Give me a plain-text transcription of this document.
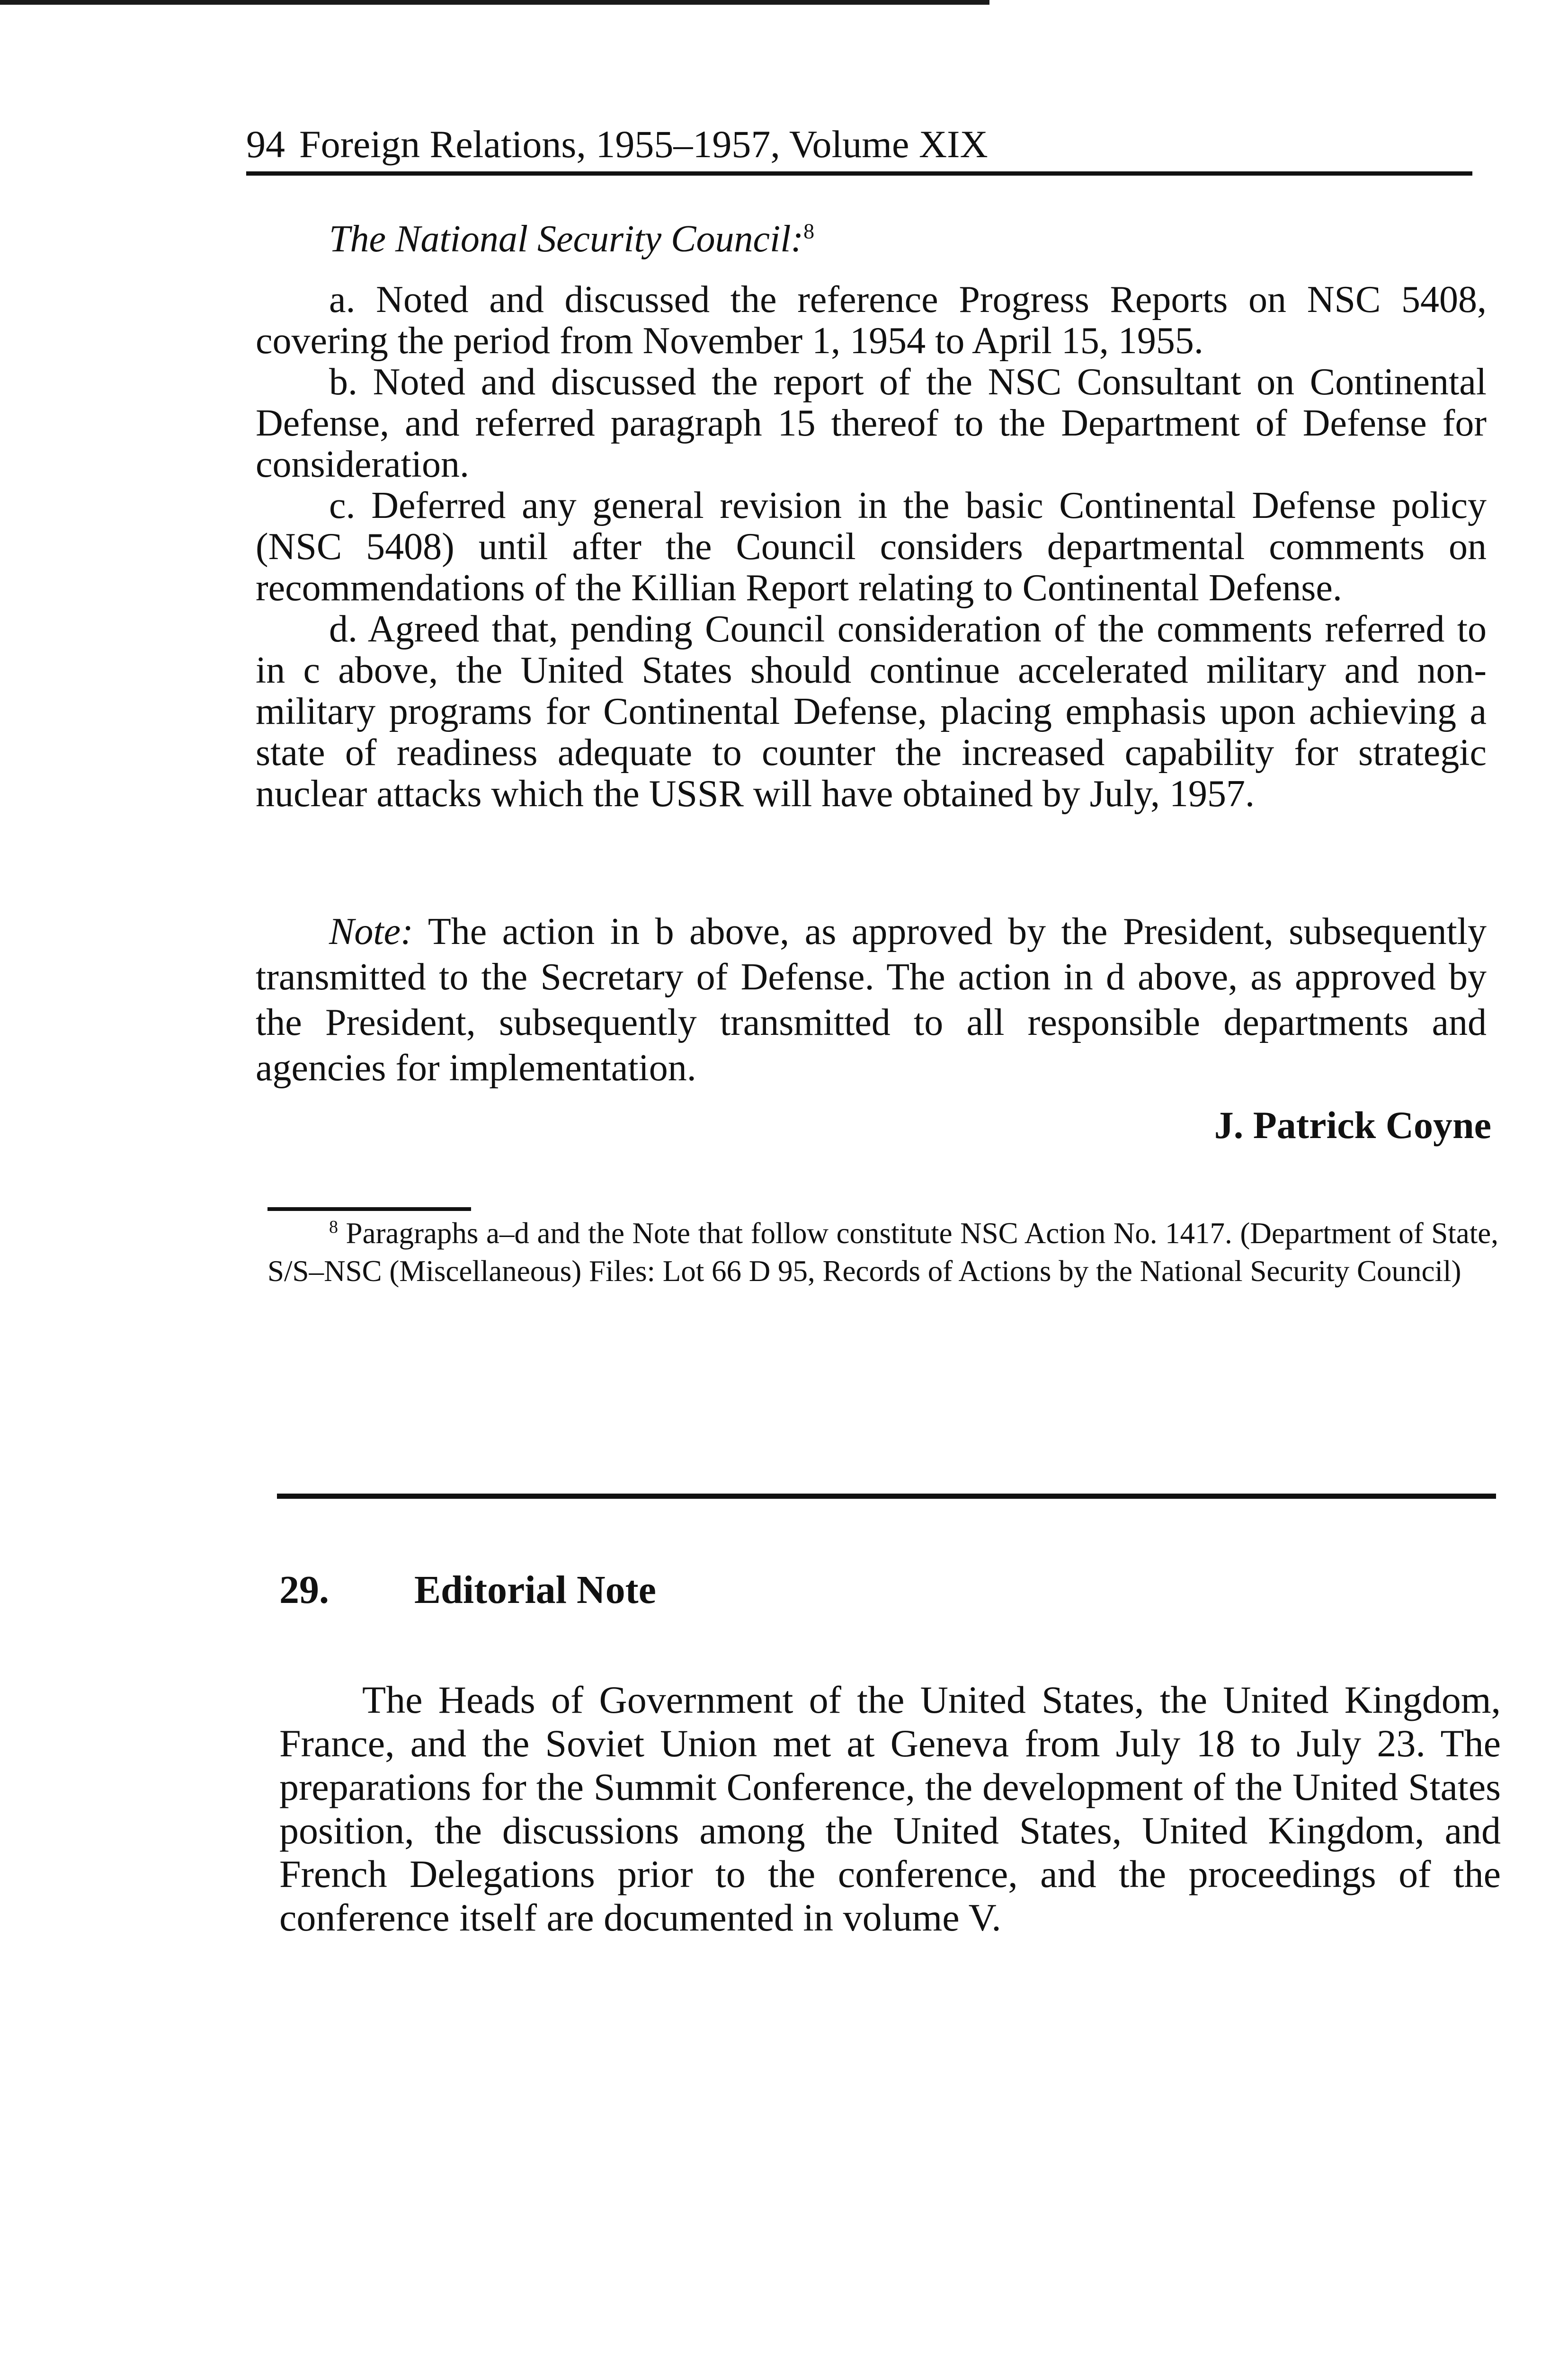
94 Foreign Relations, 1955–1957, Volume XIX
The National Security Council:$^8$

a. Noted and discussed the reference Progress Reports on NSC 5408, covering the period from November 1, 1954 to April 15, 1955.

b. Noted and discussed the report of the NSC Consultant on Continental Defense, and referred paragraph 15 thereof to the Department of Defense for consideration.

c. Deferred any general revision in the basic Continental Defense policy (NSC 5408) until after the Council considers departmental comments on recommendations of the Killian Report relating to Continental Defense.

d. Agreed that, pending Council consideration of the comments referred to in c above, the United States should continue accelerated military and non-military programs for Continental Defense, placing emphasis upon achieving a state of readiness adequate to counter the increased capability for strategic nuclear attacks which the USSR will have obtained by July, 1957.

Note: The action in b above, as approved by the President, subsequently transmitted to the Secretary of Defense. The action in d above, as approved by the President, subsequently transmitted to all responsible departments and agencies for implementation.

J. Patrick Coyne

$^8$ Paragraphs a–d and the Note that follow constitute NSC Action No. 1417. (Department of State, S/S–NSC (Miscellaneous) Files: Lot 66 D 95, Records of Actions by the National Security Council)

29. Editorial Note

The Heads of Government of the United States, the United Kingdom, France, and the Soviet Union met at Geneva from July 18 to July 23. The preparations for the Summit Conference, the development of the United States position, the discussions among the United States, United Kingdom, and French Delegations prior to the conference, and the proceedings of the conference itself are documented in volume V.
